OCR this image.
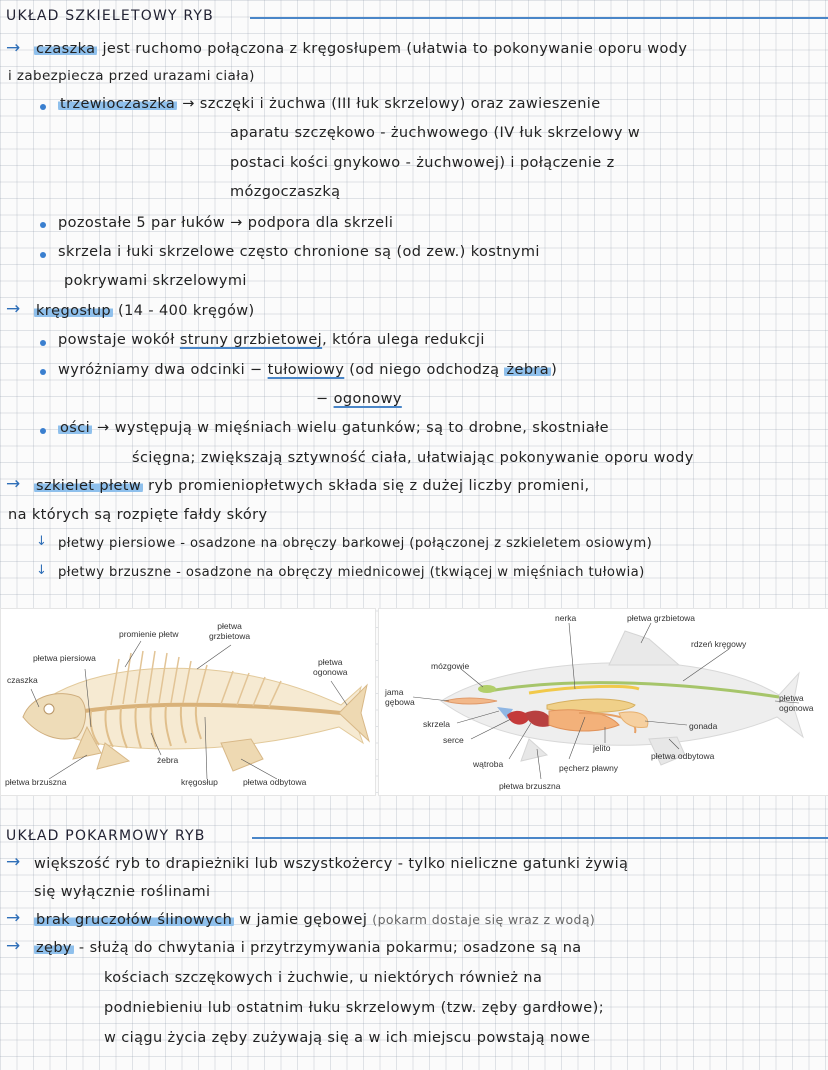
UKŁAD SZKIELETOWY RYB
→ czaszka jest ruchomo połączona z kręgosłupem (ułatwia to pokonywanie oporu wody
i zabezpiecza przed urazami ciała)
trzewioczaszka → szczęki i żuchwa (III łuk skrzelowy) oraz zawieszenie
aparatu szczękowo - żuchwowego (IV łuk skrzelowy w
postaci kości gnykowo - żuchwowej) i połączenie z
mózgoczaszką
pozostałe 5 par łuków → podpora dla skrzeli
skrzela i łuki skrzelowe często chronione są (od zew.) kostnymi
pokrywami skrzelowymi
→ kręgosłup (14 - 400 kręgów)
powstaje wokół struny grzbietowej, która ulega redukcji
wyróżniamy dwa odcinki − tułowiowy (od niego odchodzą żebra )
− ogonowy
ości → występują w mięśniach wielu gatunków; są to drobne, skostniałe
ścięgna; zwiększają sztywność ciała, ułatwiając pokonywanie oporu wody
→ szkielet płetw ryb promieniopłetwych składa się z dużej liczby promieni,
na których są rozpięte fałdy skóry
↓ płetwy piersiowe - osadzone na obręczy barkowej (połączonej z szkieletem osiowym)
↓ płetwy brzuszne - osadzone na obręczy miednicowej (tkwiącej w mięśniach tułowia)
promienie płetw
płetwa
grzbietowa
płetwa piersiowa	płetwa
ogonowa
czaszka
żebra
płetwa brzuszna	kręgosłup	płetwa odbytowa
nerka	płetwa grzbietowa
rdzeń kręgowy
mózgowie
jama
gębowa	płetwa
ogonowa
skrzela
serce
gonada
jelito
płetwa odbytowa
wątroba	pęcherz pławny
płetwa brzuszna
UKŁAD POKARMOWY RYB
→ większość ryb to drapieżniki lub wszystkożercy - tylko nieliczne gatunki żywią
się wyłącznie roślinami
→ brak gruczołów ślinowych w jamie gębowej (pokarm dostaje się wraz z wodą)
→ zęby - służą do chwytania i przytrzymywania pokarmu; osadzone są na
kościach szczękowych i żuchwie, u niektórych również na
podniebieniu lub ostatnim łuku skrzelowym (tzw. zęby gardłowe);
w ciągu życia zęby zużywają się a w ich miejscu powstają nowe
